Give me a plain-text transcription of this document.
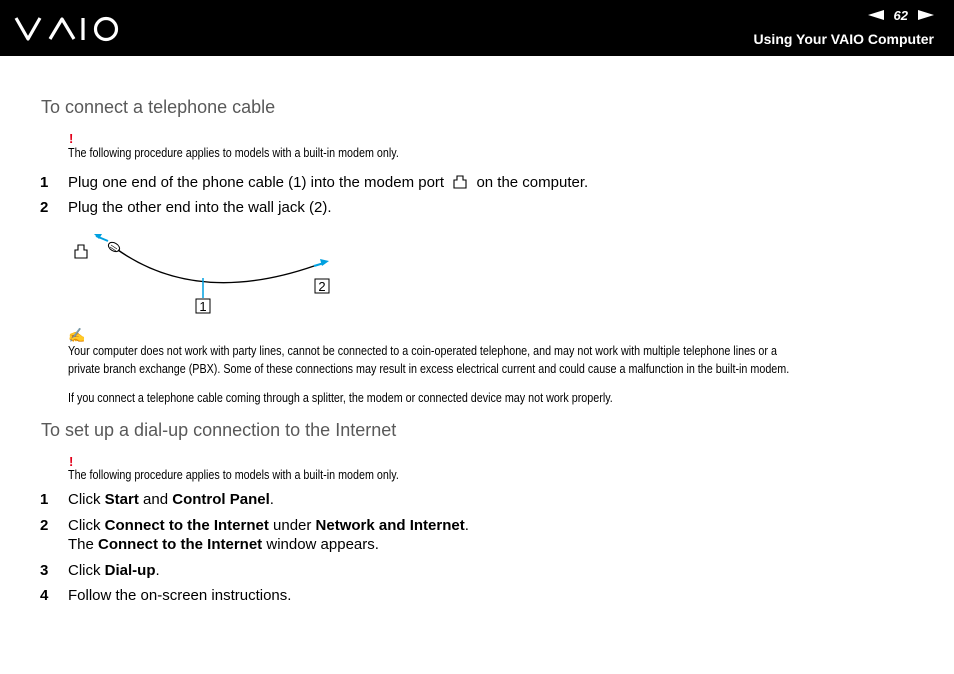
62
Using Your VAIO Computer
To connect a telephone cable
!
The following procedure applies to models with a built-in modem only.
1 Plug one end of the phone cable (1) into the modem port on the computer.
2 Plug the other end into the wall jack (2).
1
2
✍
Your computer does not work with party lines, cannot be connected to a coin-operated telephone, and may not work with multiple telephone lines or a
private branch exchange (PBX). Some of these connections may result in excess electrical current and could cause a malfunction in the built-in modem.
If you connect a telephone cable coming through a splitter, the modem or connected device may not work properly.
To set up a dial-up connection to the Internet
!
The following procedure applies to models with a built-in modem only.
1 Click Start and Control Panel.
2 Click Connect to the Internet under Network and Internet.
The Connect to the Internet window appears.
3 Click Dial-up.
4 Follow the on-screen instructions.
